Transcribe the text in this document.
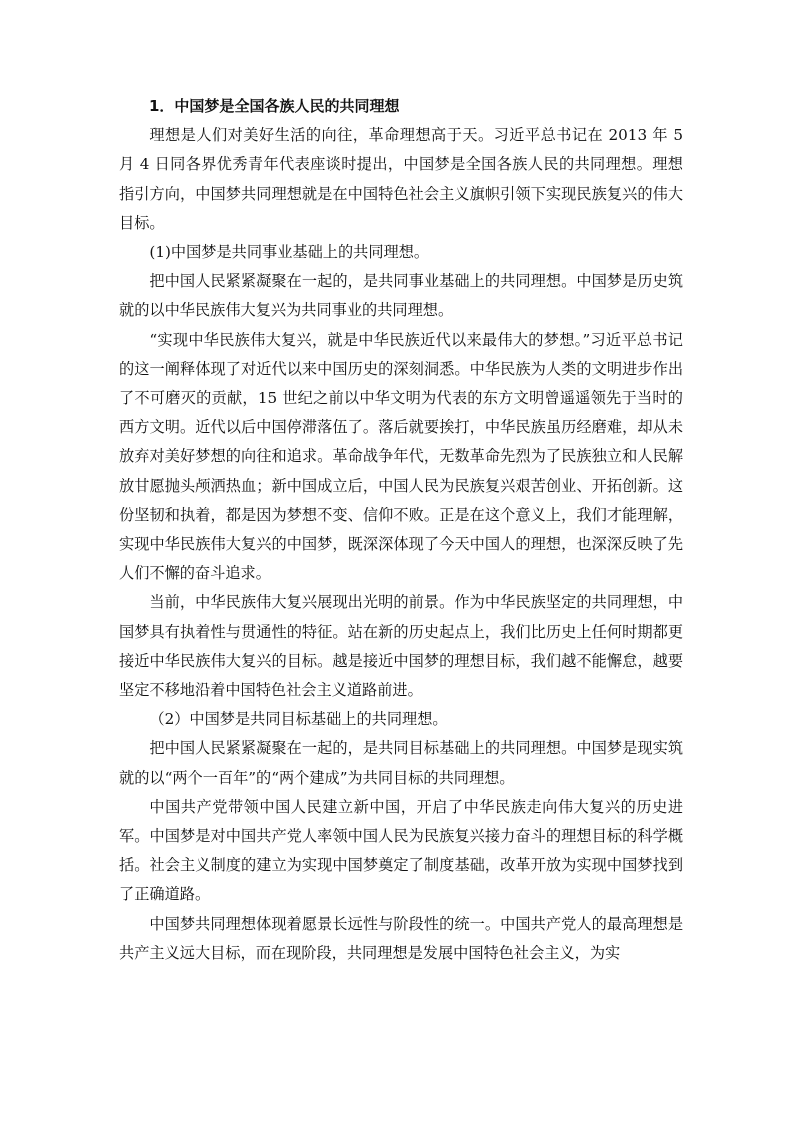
1．中国梦是全国各族人民的共同理想

理想是人们对美好生活的向往，革命理想高于天。习近平总书记在 2013 年 5 月 4 日同各界优秀青年代表座谈时提出，中国梦是全国各族人民的共同理想。理想指引方向，中国梦共同理想就是在中国特色社会主义旗帜引领下实现民族复兴的伟大目标。

(1)中国梦是共同事业基础上的共同理想。

把中国人民紧紧凝聚在一起的，是共同事业基础上的共同理想。中国梦是历史筑就的以中华民族伟大复兴为共同事业的共同理想。

“实现中华民族伟大复兴，就是中华民族近代以来最伟大的梦想。”习近平总书记的这一阐释体现了对近代以来中国历史的深刻洞悉。中华民族为人类的文明进步作出了不可磨灭的贡献，15 世纪之前以中华文明为代表的东方文明曾遥遥领先于当时的西方文明。近代以后中国停滞落伍了。落后就要挨打，中华民族虽历经磨难，却从未放弃对美好梦想的向往和追求。革命战争年代，无数革命先烈为了民族独立和人民解放甘愿抛头颅洒热血；新中国成立后，中国人民为民族复兴艰苦创业、开拓创新。这份坚韧和执着，都是因为梦想不变、信仰不败。正是在这个意义上，我们才能理解，实现中华民族伟大复兴的中国梦，既深深体现了今天中国人的理想，也深深反映了先人们不懈的奋斗追求。

当前，中华民族伟大复兴展现出光明的前景。作为中华民族坚定的共同理想，中国梦具有执着性与贯通性的特征。站在新的历史起点上，我们比历史上任何时期都更接近中华民族伟大复兴的目标。越是接近中国梦的理想目标，我们越不能懈怠，越要坚定不移地沿着中国特色社会主义道路前进。

（2）中国梦是共同目标基础上的共同理想。

把中国人民紧紧凝聚在一起的，是共同目标基础上的共同理想。中国梦是现实筑就的以“两个一百年”的“两个建成”为共同目标的共同理想。

中国共产党带领中国人民建立新中国，开启了中华民族走向伟大复兴的历史进军。中国梦是对中国共产党人率领中国人民为民族复兴接力奋斗的理想目标的科学概括。社会主义制度的建立为实现中国梦奠定了制度基础，改革开放为实现中国梦找到了正确道路。

中国梦共同理想体现着愿景长远性与阶段性的统一。中国共产党人的最高理想是共产主义远大目标，而在现阶段，共同理想是发展中国特色社会主义，为实
